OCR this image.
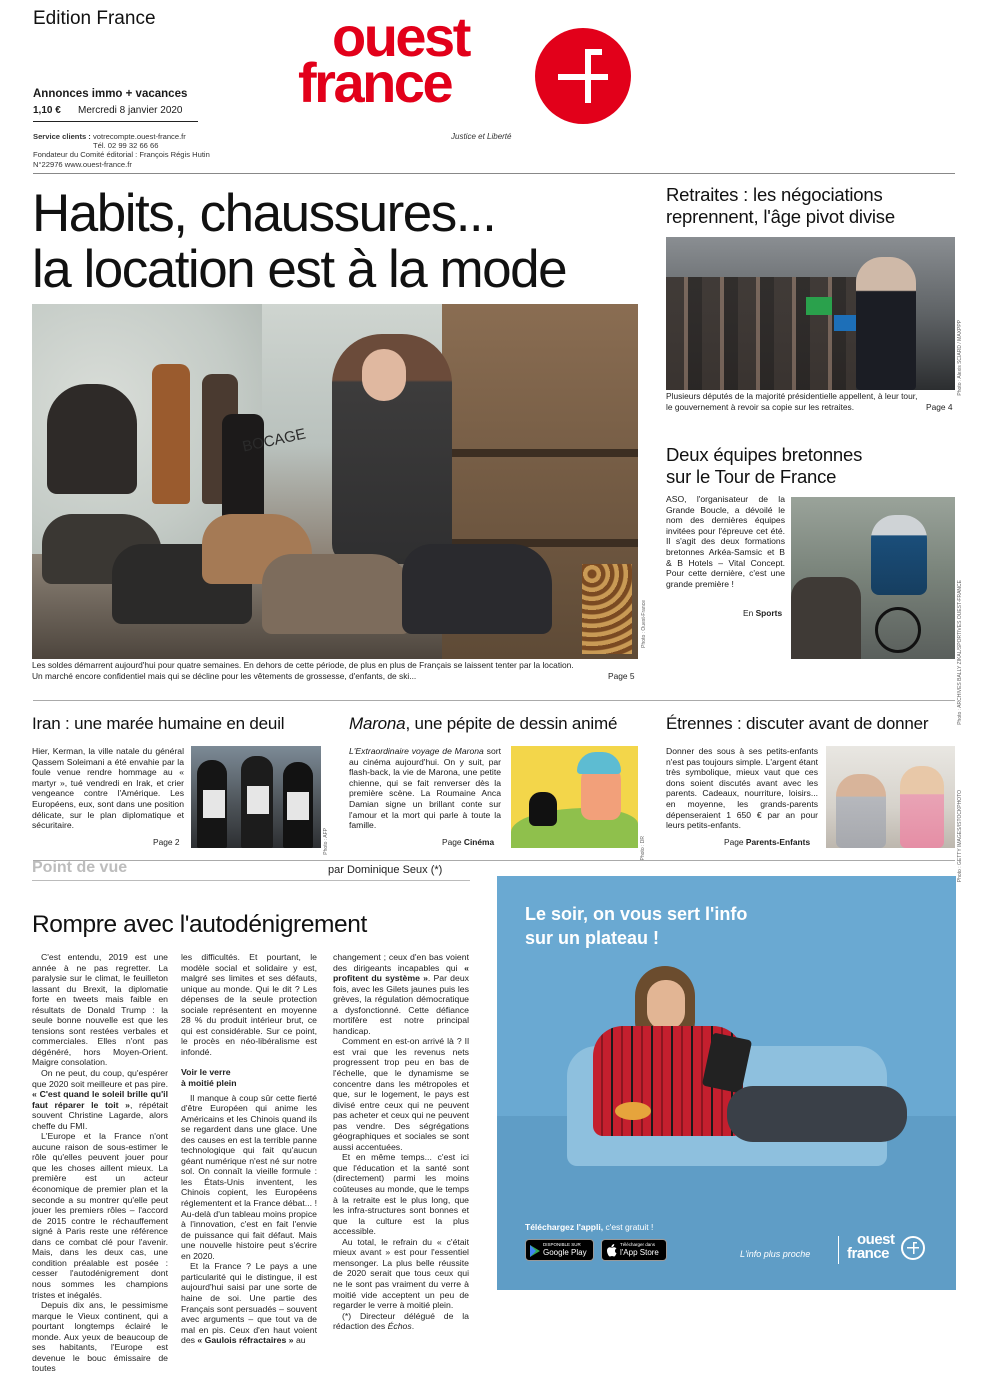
Edition France
Annonces immo + vacances
1,10 € Mercredi 8 janvier 2020
Service clients : votrecompte.ouest-france.fr
Tél. 02 99 32 66 66
Fondateur du Comité éditorial : François Régis Hutin
N°22976 www.ouest-france.fr
ouest
france
Justice et Liberté
Habits, chaussures...
la location est à la mode
BOCAGE
Photo : Ouest-France
Les soldes démarrent aujourd'hui pour quatre semaines. En dehors de cette période, de plus en plus de Français se laissent tenter par la location.
Un marché encore confidentiel mais qui se décline pour les vêtements de grossesse, d'enfants, de ski...	Page 5
Retraites : les négociations
reprennent, l'âge pivot divise
Photo : Alexis SCIARD / MAXPPP
Plusieurs députés de la majorité présidentielle appellent, à leur tour,
le gouvernement à revoir sa copie sur les retraites.	Page 4
Deux équipes bretonnes
sur le Tour de France
ASO, l'organisateur de la Grande Boucle, a dévoilé le nom des dernières équipes invitées pour l'épreuve cet été. Il s'agit des deux formations bretonnes Arkéa-Samsic et B & B Hotels – Vital Concept. Pour cette dernière, c'est une grande première !
En Sports	Photo : ARCHIVES BALLY ZIKAL/SPORTIVES OUEST-FRANCE
Iran : une marée humaine en deuil
Hier, Kerman, la ville natale du général Qassem Soleimani a été envahie par la foule venue rendre hommage au « martyr », tué vendredi en Irak, et crier vengeance contre l'Amérique. Les Européens, eux, sont dans une position délicate, sur le plan diplomatique et sécuritaire.
Photo : AFP
Page 2
Marona, une pépite de dessin animé
L'Extraordinaire voyage de Marona sort au cinéma aujourd'hui. On y suit, par flash-back, la vie de Marona, une petite chienne, qui se fait renverser dès la première scène. La Roumaine Anca Damian signe un brillant conte sur l'amour et la mort qui parle à toute la famille.
Photo : DR
Page Cinéma
Étrennes : discuter avant de donner
Donner des sous à ses petits-enfants n'est pas toujours simple. L'argent étant très symbolique, mieux vaut que ces dons soient discutés avant avec les parents. Cadeaux, nourriture, loisirs... en moyenne, les grands-parents dépenseraient 1 650 € par an pour leurs petits-enfants.	Photo : GETTY IMAGES/ISTOCKPHOTO
Page Parents-Enfants
Point de vue	par Dominique Seux (*)
Rompre avec l'autodénigrement

C'est entendu, 2019 est une année à ne pas regretter. La paralysie sur le climat, le feuilleton lassant du Brexit, la diplomatie forte en tweets mais faible en résultats de Donald Trump : la seule bonne nouvelle est que les tensions sont restées verbales et commerciales. Elles n'ont pas dégénéré, hors Moyen-Orient. Maigre consolation.

On ne peut, du coup, qu'espérer que 2020 soit meilleure et pas pire. « C'est quand le soleil brille qu'il faut réparer le toit », répétait souvent Christine Lagarde, alors cheffe du FMI.

L'Europe et la France n'ont aucune raison de sous-estimer le rôle qu'elles peuvent jouer pour que les choses aillent mieux. La première est un acteur économique de premier plan et la seconde a su montrer qu'elle peut jouer les premiers rôles – l'accord de 2015 contre le réchauffement signé à Paris reste une référence dans ce combat clé pour l'avenir. Mais, dans les deux cas, une condition préalable est posée : cesser l'autodénigrement dont nous sommes les champions tristes et inégalés.

Depuis dix ans, le pessimisme marque le Vieux continent, qui a pourtant longtemps éclairé le monde. Aux yeux de beaucoup de ses habitants, l'Europe est devenue le bouc émissaire de toutes

les difficultés. Et pourtant, le modèle social et solidaire y est, malgré ses limites et ses défauts, unique au monde. Qui le dit ? Les dépenses de la seule protection sociale représentent en moyenne 28 % du produit intérieur brut, ce qui est considérable. Sur ce point, le procès en néo-libéralisme est infondé.

Voir le verre
à moitié plein

Il manque à coup sûr cette fierté d'être Européen qui anime les Américains et les Chinois quand ils se regardent dans une glace. Une des causes en est la terrible panne technologique qui fait qu'aucun géant numérique n'est né sur notre sol. On connaît la vieille formule : les États-Unis inventent, les Chinois copient, les Européens réglementent et la France débat... ! Au-delà d'un tableau moins propice à l'innovation, c'est en fait l'envie de puissance qui fait défaut. Mais une nouvelle histoire peut s'écrire en 2020.

Et la France ? Le pays a une particularité qui le distingue, il est aujourd'hui saisi par une sorte de haine de soi. Une partie des Français sont persuadés – souvent avec arguments – que tout va de mal en pis. Ceux d'en haut voient des « Gaulois réfractaires » au

changement ; ceux d'en bas voient des dirigeants incapables qui « profitent du système ». Par deux fois, avec les Gilets jaunes puis les grèves, la régulation démocratique a dysfonctionné. Cette défiance mortifère est notre principal handicap.

Comment en est-on arrivé là ? Il est vrai que les revenus nets progressent trop peu en bas de l'échelle, que le dynamisme se concentre dans les métropoles et que, sur le logement, le pays est divisé entre ceux qui ne peuvent pas acheter et ceux qui ne peuvent pas vendre. Des ségrégations géographiques et sociales se sont aussi accentuées.

Et en même temps... c'est ici que l'éducation et la santé sont (directement) parmi les moins coûteuses au monde, que le temps à la retraite est le plus long, que les infra-structures sont bonnes et que la culture est la plus accessible.

Au total, le refrain du « c'était mieux avant » est pour l'essentiel mensonger. La plus belle réussite de 2020 serait que tous ceux qui ne le sont pas vraiment du verre à moitié vide acceptent un peu de regarder le verre à moitié plein.

(*) Directeur délégué de la rédaction des Échos.

Le soir, on vous sert l'info
sur un plateau !
Téléchargez l'appli, c'est gratuit !
DISPONIBLE SUR
Google Play
Télécharger dans
l'App Store	L'info plus proche
ouest
france
